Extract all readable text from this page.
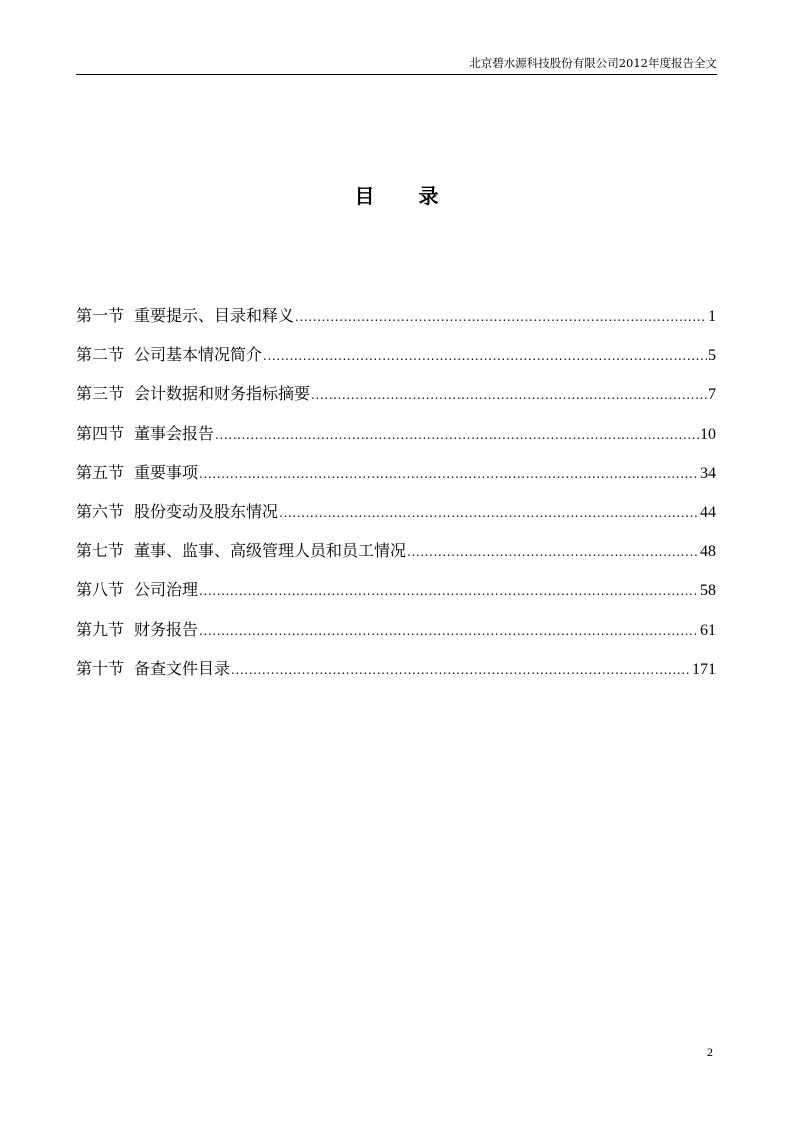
北京碧水源科技股份有限公司2012年度报告全文
目 录
第一节 重要提示、目录和释义 .....	1
第二节 公司基本情况简介 .....	5
第三节 会计数据和财务指标摘要 .....	7
第四节 董事会报告 .....	10
第五节 重要事项 .....	34
第六节 股份变动及股东情况 .....	44
第七节 董事、监事、高级管理人员和员工情况 .....	48
第八节 公司治理 .....	58
第九节 财务报告 .....	61
第十节 备查文件目录 .....	171
2
